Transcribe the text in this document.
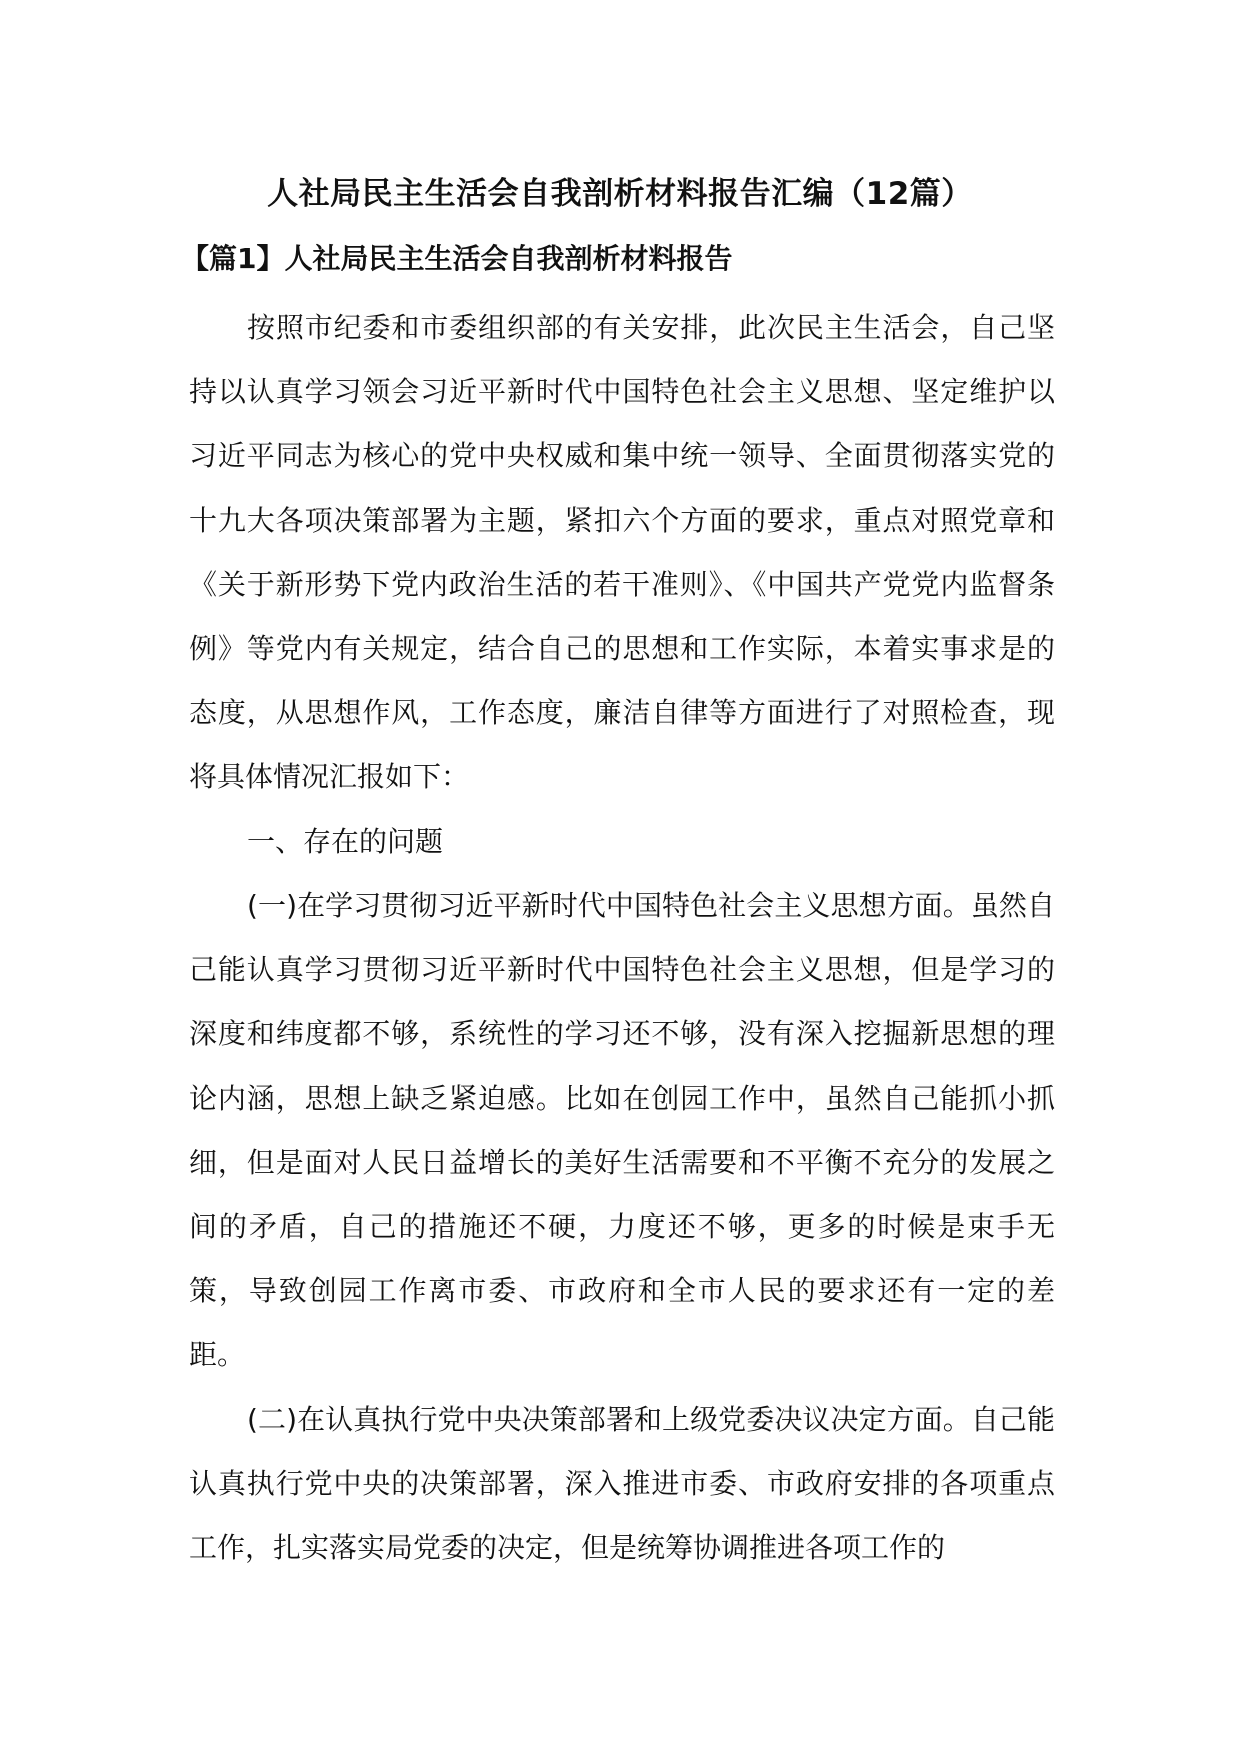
人社局民主生活会自我剖析材料报告汇编（12篇）
【篇1】人社局民主生活会自我剖析材料报告

按照市纪委和市委组织部的有关安排，此次民主生活会，自己坚持以认真学习领会习近平新时代中国特色社会主义思想、坚定维护以习近平同志为核心的党中央权威和集中统一领导、全面贯彻落实党的十九大各项决策部署为主题，紧扣六个方面的要求，重点对照党章和《关于新形势下党内政治生活的若干准则》、《中国共产党党内监督条例》等党内有关规定，结合自己的思想和工作实际，本着实事求是的态度，从思想作风，工作态度，廉洁自律等方面进行了对照检查，现将具体情况汇报如下：

一、存在的问题

(一)在学习贯彻习近平新时代中国特色社会主义思想方面。虽然自己能认真学习贯彻习近平新时代中国特色社会主义思想，但是学习的深度和纬度都不够，系统性的学习还不够，没有深入挖掘新思想的理论内涵，思想上缺乏紧迫感。比如在创园工作中，虽然自己能抓小抓细，但是面对人民日益增长的美好生活需要和不平衡不充分的发展之间的矛盾，自己的措施还不硬，力度还不够，更多的时候是束手无策，导致创园工作离市委、市政府和全市人民的要求还有一定的差距。

(二)在认真执行党中央决策部署和上级党委决议决定方面。自己能认真执行党中央的决策部署，深入推进市委、市政府安排的各项重点工作，扎实落实局党委的决定，但是统筹协调推进各项工作的
